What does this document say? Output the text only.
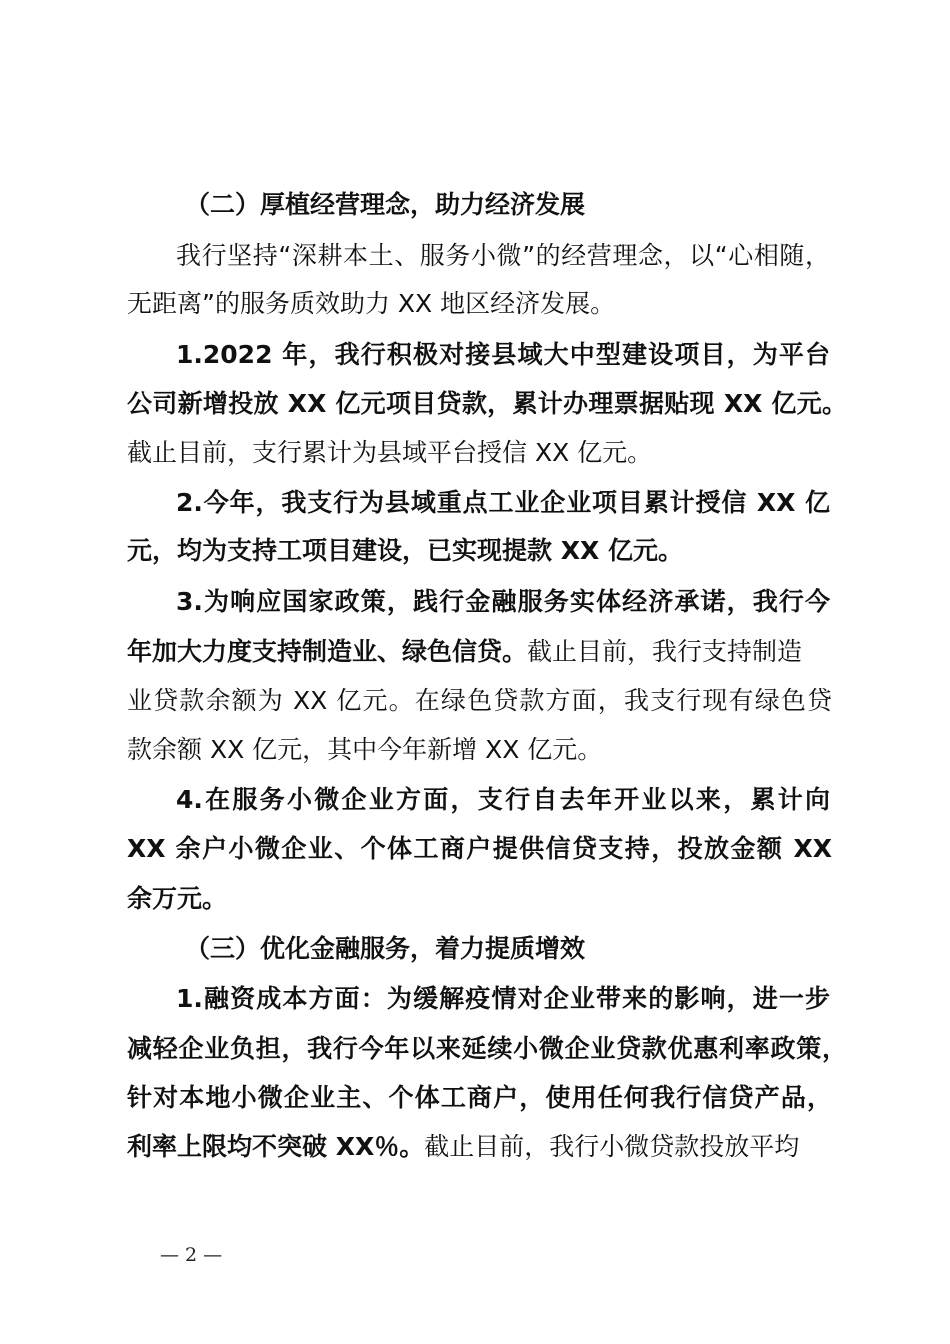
（二）厚植经营理念，助力经济发展

我行坚持“深耕本土、服务小微”的经营理念，以“心相随，

无距离”的服务质效助力 XX 地区经济发展。

1.2022 年，我行积极对接县域大中型建设项目，为平台

公司新增投放 XX 亿元项目贷款，累计办理票据贴现 XX 亿元。

截止目前，支行累计为县域平台授信 XX 亿元。

2.今年，我支行为县域重点工业企业项目累计授信 XX 亿

元，均为支持工项目建设，已实现提款 XX 亿元。

3.为响应国家政策，践行金融服务实体经济承诺，我行今

年加大力度支持制造业、绿色信贷。截止目前，我行支持制造

业贷款余额为 XX 亿元。在绿色贷款方面，我支行现有绿色贷

款余额 XX 亿元，其中今年新增 XX 亿元。

4.在服务小微企业方面，支行自去年开业以来，累计向

XX 余户小微企业、个体工商户提供信贷支持，投放金额 XX

余万元。

（三）优化金融服务，着力提质增效

1.融资成本方面：为缓解疫情对企业带来的影响，进一步

减轻企业负担，我行今年以来延续小微企业贷款优惠利率政策，

针对本地小微企业主、个体工商户，使用任何我行信贷产品，

利率上限均不突破 XX％。截止目前，我行小微贷款投放平均

— 2 —
